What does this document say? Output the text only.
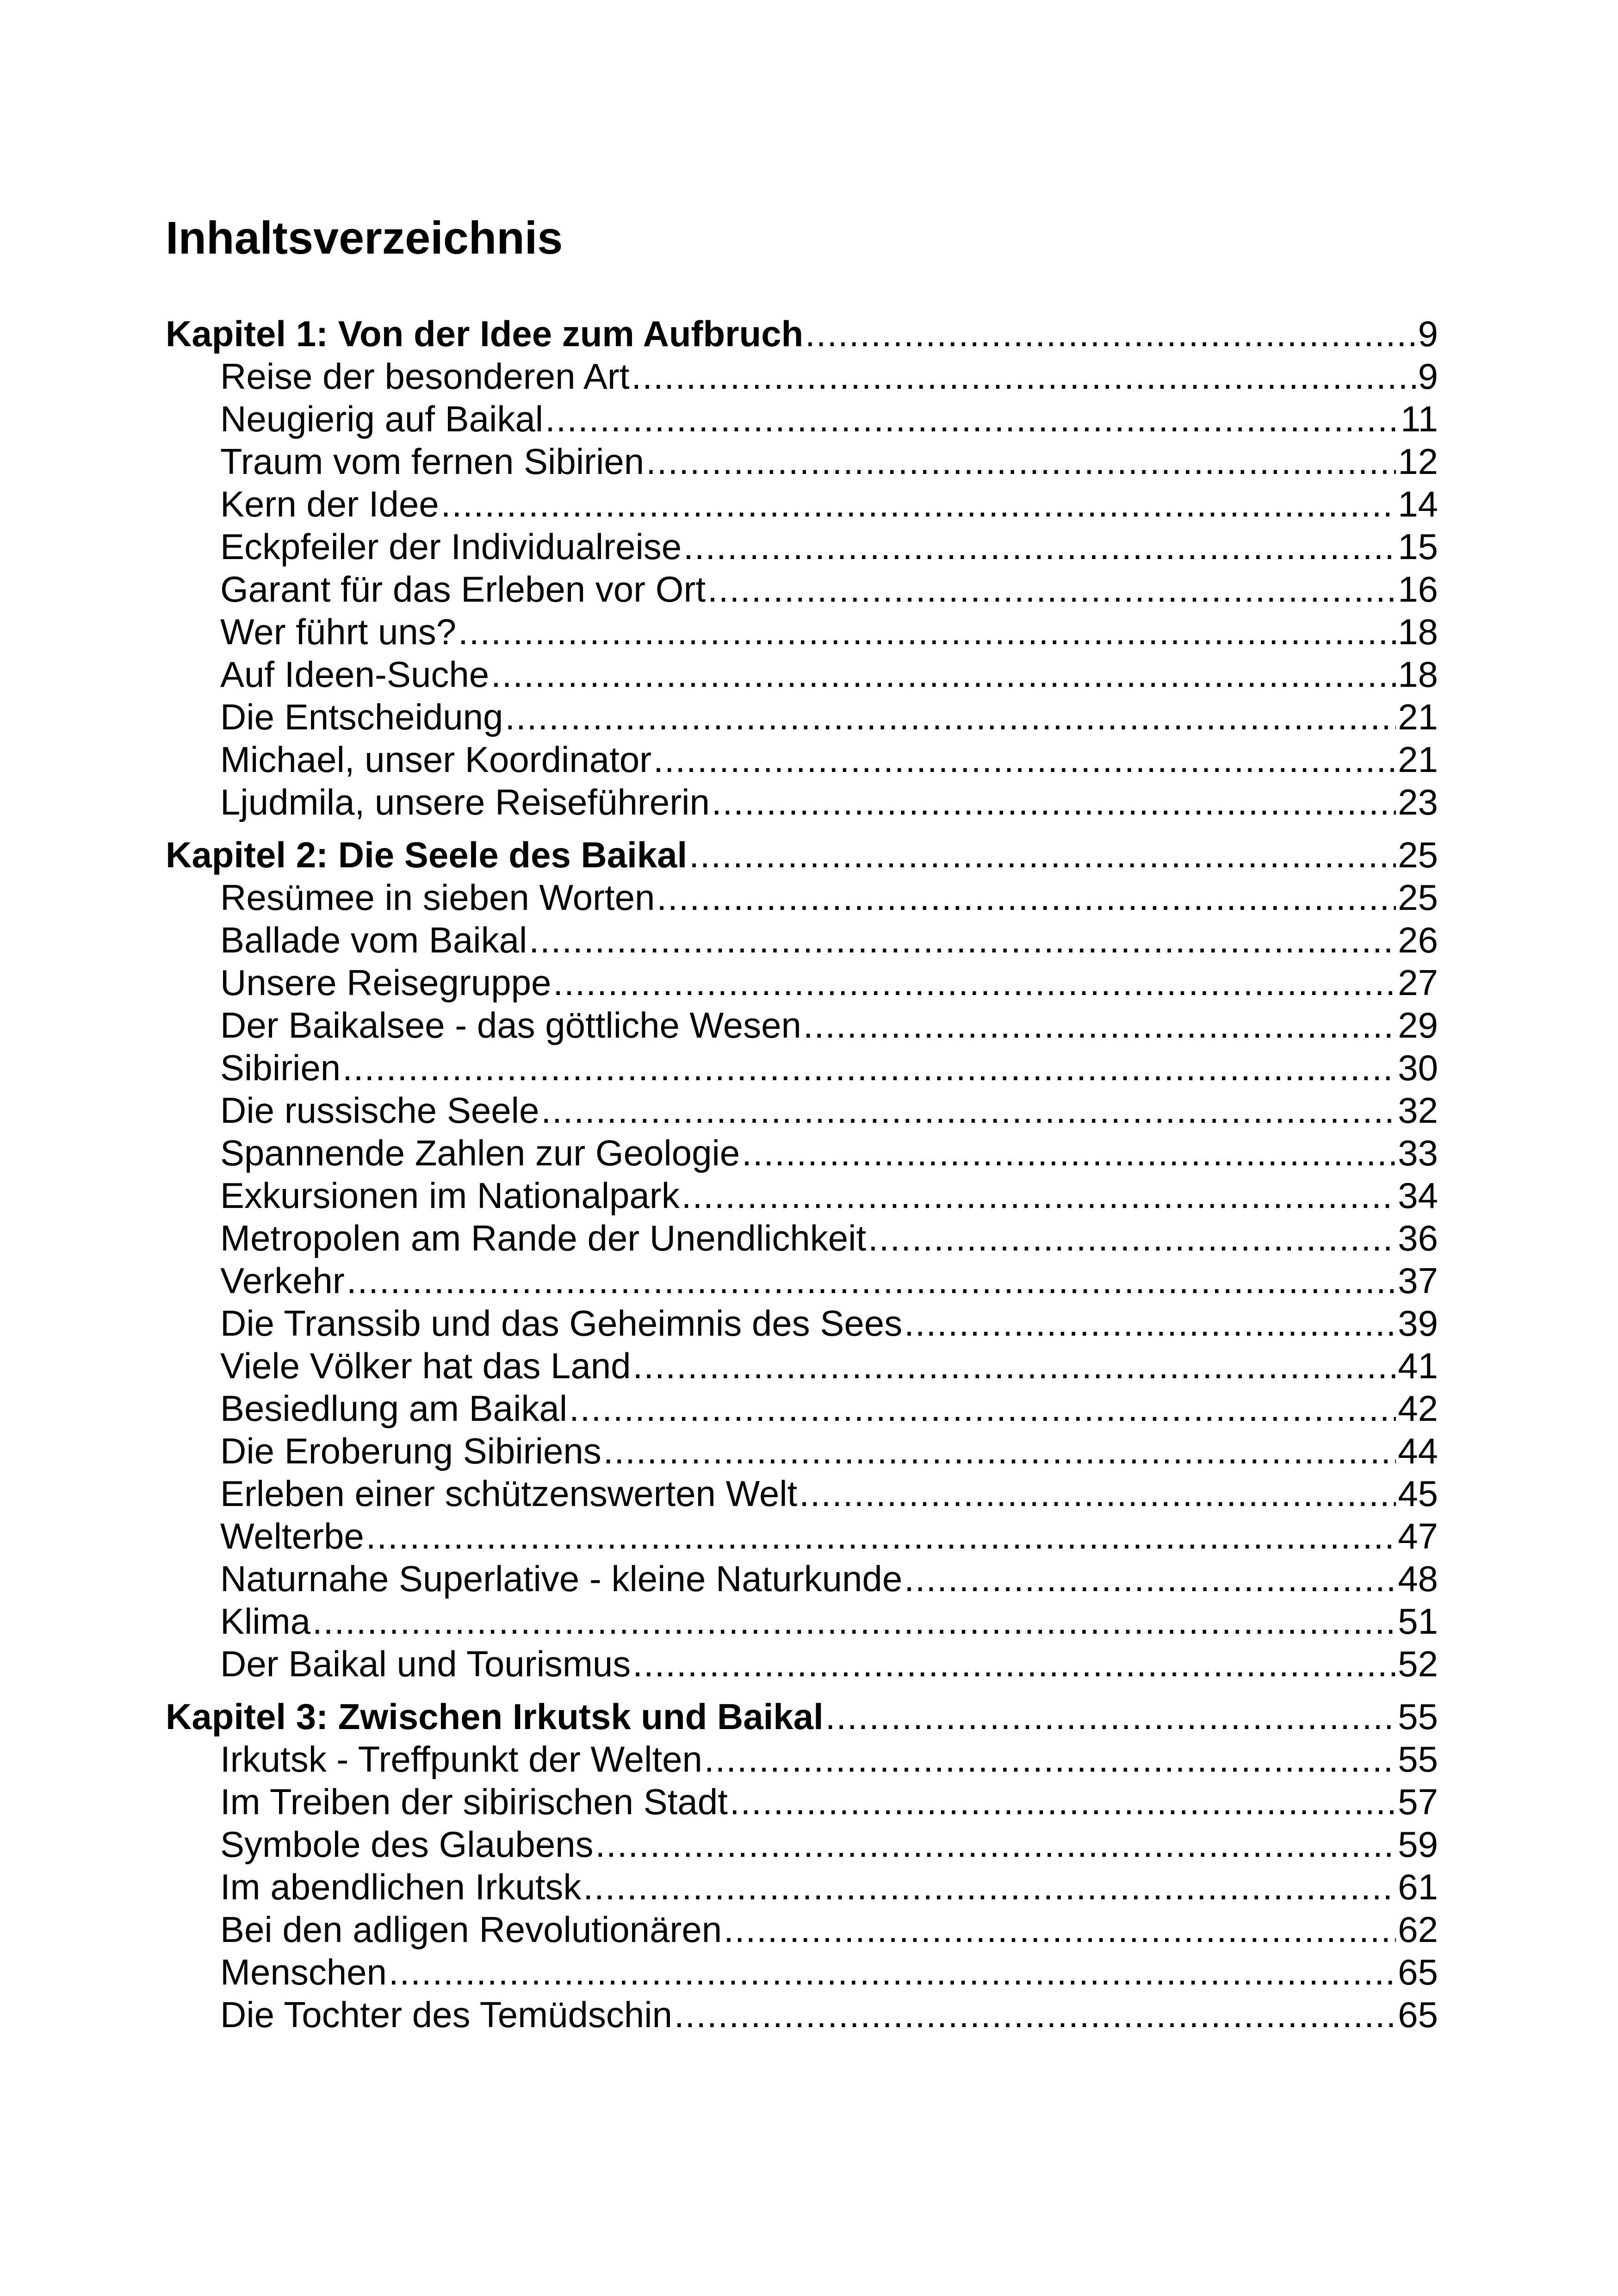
Inhaltsverzeichnis
Kapitel 1: Von der Idee zum Aufbruch .....	9
Reise der besonderen Art .....	9
Neugierig auf Baikal .....	11
Traum vom fernen Sibirien .....	12
Kern der Idee .....	14
Eckpfeiler der Individualreise .....	15
Garant für das Erleben vor Ort .....	16
Wer führt uns? .....	18
Auf Ideen-Suche .....	18
Die Entscheidung .....	21
Michael, unser Koordinator .....	21
Ljudmila, unsere Reiseführerin .....	23
Kapitel 2: Die Seele des Baikal .....	25
Resümee in sieben Worten .....	25
Ballade vom Baikal .....	26
Unsere Reisegruppe .....	27
Der Baikalsee - das göttliche Wesen .....	29
Sibirien .....	30
Die russische Seele .....	32
Spannende Zahlen zur Geologie .....	33
Exkursionen im Nationalpark .....	34
Metropolen am Rande der Unendlichkeit .....	36
Verkehr .....	37
Die Transsib und das Geheimnis des Sees .....	39
Viele Völker hat das Land .....	41
Besiedlung am Baikal .....	42
Die Eroberung Sibiriens .....	44
Erleben einer schützenswerten Welt .....	45
Welterbe .....	47
Naturnahe Superlative - kleine Naturkunde .....	48
Klima .....	51
Der Baikal und Tourismus .....	52
Kapitel 3: Zwischen Irkutsk und Baikal .....	55
Irkutsk - Treffpunkt der Welten .....	55
Im Treiben der sibirischen Stadt .....	57
Symbole des Glaubens .....	59
Im abendlichen Irkutsk .....	61
Bei den adligen Revolutionären .....	62
Menschen .....	65
Die Tochter des Temüdschin .....	65
